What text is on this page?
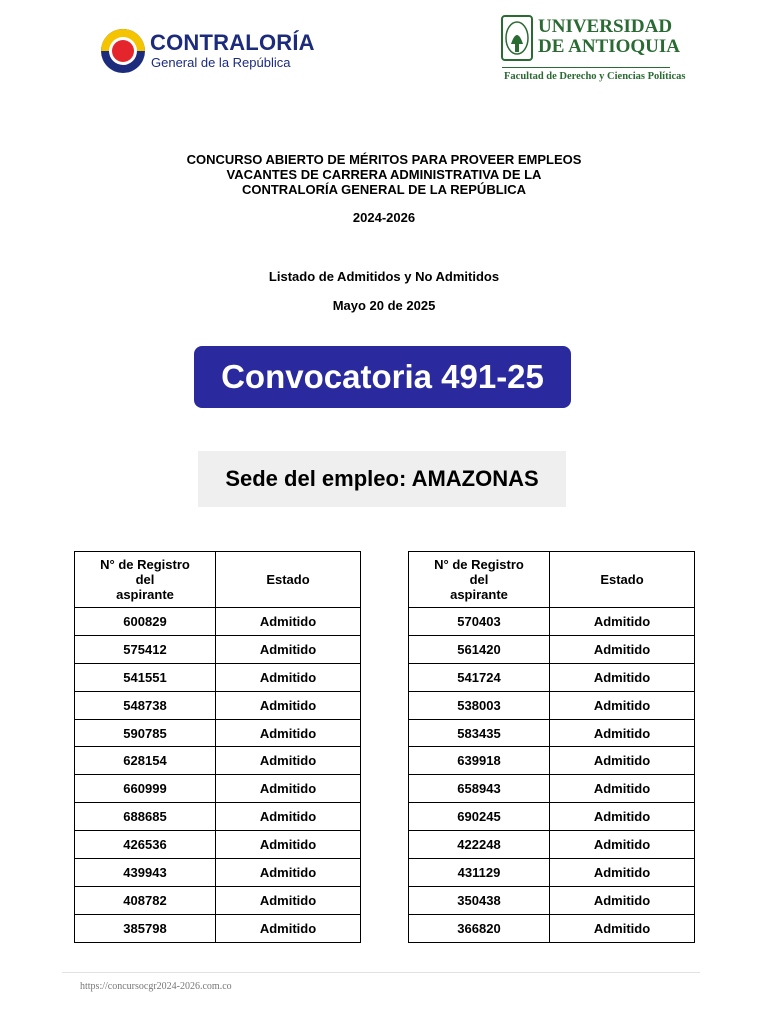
CONTRALORÍA
General de la República
UNIVERSIDAD
DE ANTIOQUIA
Facultad de Derecho y Ciencias Políticas
CONCURSO ABIERTO DE MÉRITOS PARA PROVEER EMPLEOS
VACANTES DE CARRERA ADMINISTRATIVA DE LA
CONTRALORÍA GENERAL DE LA REPÚBLICA
2024-2026
Listado de Admitidos y No Admitidos
Mayo 20 de 2025
Convocatoria 491-25
Sede del empleo: AMAZONAS
N° de Registro
del
aspirante	Estado
600829	Admitido
575412	Admitido
541551	Admitido
548738	Admitido
590785	Admitido
628154	Admitido
660999	Admitido
688685	Admitido
426536	Admitido
439943	Admitido
408782	Admitido
385798	Admitido
N° de Registro
del
aspirante	Estado
570403	Admitido
561420	Admitido
541724	Admitido
538003	Admitido
583435	Admitido
639918	Admitido
658943	Admitido
690245	Admitido
422248	Admitido
431129	Admitido
350438	Admitido
366820	Admitido
https://concursocgr2024-2026.com.co
